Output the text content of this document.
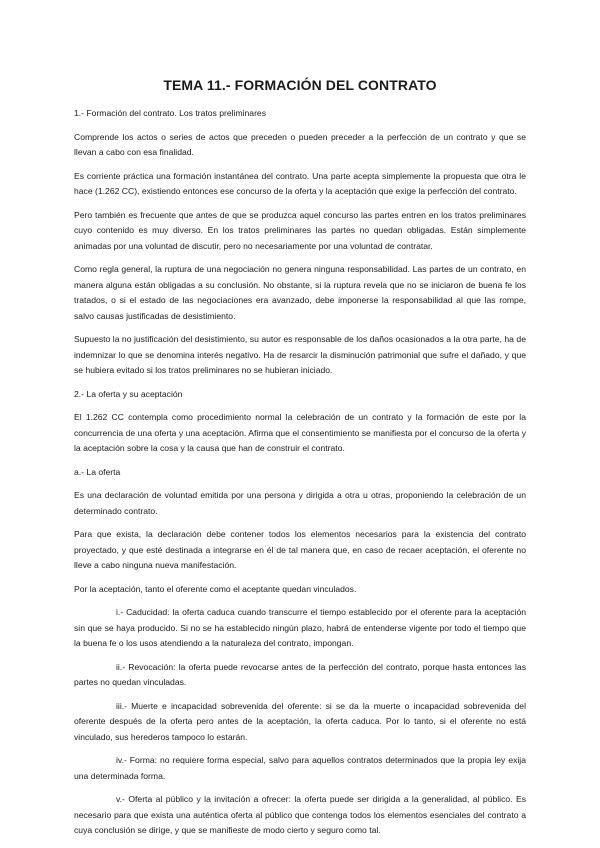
TEMA 11.- FORMACIÓN DEL CONTRATO

1.- Formación del contrato. Los tratos preliminares

Comprende los actos o series de actos que preceden o pueden preceder a la perfección de un contrato y que se llevan a cabo con esa finalidad.

Es corriente práctica una formación instantánea del contrato. Una parte acepta simplemente la propuesta que otra le hace (1.262 CC), existiendo entonces ese concurso de la oferta y la aceptación que exige la perfección del contrato.

Pero también es frecuente que antes de que se produzca aquel concurso las partes entren en los tratos preliminares cuyo contenido es muy diverso. En los tratos preliminares las partes no quedan obligadas. Están simplemente animadas por una voluntad de discutir, pero no necesariamente por una voluntad de contratar.

Como regla general, la ruptura de una negociación no genera ninguna responsabilidad. Las partes de un contrato, en manera alguna están obligadas a su conclusión. No obstante, si la ruptura revela que no se iniciaron de buena fe los tratados, o si el estado de las negociaciones era avanzado, debe imponerse la responsabilidad al que las rompe, salvo causas justificadas de desistimiento.

Supuesto la no justificación del desistimiento, su autor es responsable de los daños ocasionados a la otra parte, ha de indemnizar lo que se denomina interés negativo. Ha de resarcir la disminución patrimonial que sufre el dañado, y que se hubiera evitado si los tratos preliminares no se hubieran iniciado.

2.- La oferta y su aceptación

El 1.262 CC contempla como procedimiento normal la celebración de un contrato y la formación de este por la concurrencia de una oferta y una aceptación. Afirma que el consentimiento se manifiesta por el concurso de la oferta y la aceptación sobre la cosa y la causa que han de construir el contrato.

a.- La oferta

Es una declaración de voluntad emitida por una persona y dirigida a otra u otras, proponiendo la celebración de un determinado contrato.

Para que exista, la declaración debe contener todos los elementos necesarios para la existencia del contrato proyectado, y que esté destinada a integrarse en él de tal manera que, en caso de recaer aceptación, el oferente no lleve a cabo ninguna nueva manifestación.

Por la aceptación, tanto el oferente como el aceptante quedan vinculados.

i.- Caducidad: la oferta caduca cuando transcurre el tiempo establecido por el oferente para la aceptación sin que se haya producido. Si no se ha establecido ningún plazo, habrá de entenderse vigente por todo el tiempo que la buena fe o los usos atendiendo a la naturaleza del contrato, impongan.

ii.- Revocación: la oferta puede revocarse antes de la perfección del contrato, porque hasta entonces las partes no quedan vinculadas.

iii.- Muerte e incapacidad sobrevenida del oferente: si se da la muerte o incapacidad sobrevenida del oferente después de la oferta pero antes de la aceptación, la oferta caduca. Por lo tanto, si el oferente no está vinculado, sus herederos tampoco lo estarán.

iv.- Forma: no requiere forma especial, salvo para aquellos contratos determinados que la propia ley exija una determinada forma.

v.- Oferta al público y la invitación a ofrecer: la oferta puede ser dirigida a la generalidad, al público. Es necesario para que exista una auténtica oferta al público que contenga todos los elementos esenciales del contrato a cuya conclusión se dirige, y que se manifieste de modo cierto y seguro como tal.
